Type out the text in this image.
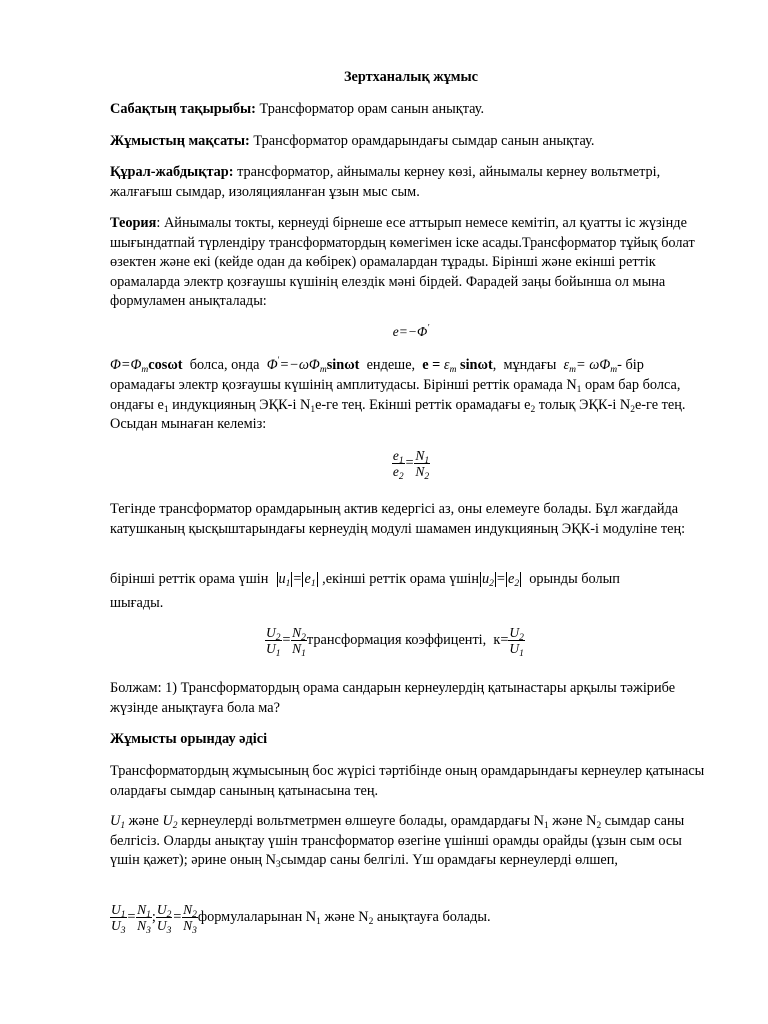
Зертханалық жұмыс

Сабақтың тақырыбы: Трансформатор орам санын анықтау.

Жұмыстың мақсаты: Трансформатор орамдарындағы сымдар санын анықтау.

Құрал-жабдықтар: трансформатор, айнымалы кернеу көзі, айнымалы кернеу вольтметрі, жалғағыш сымдар, изоляцияланған ұзын мыс сым.

Теория: Айнымалы токты, кернеуді бірнеше есе аттырып немесе кемітіп, ал қуатты іс жүзінде шығындатпай түрлендіру трансформатордың көмегімен іске асады.Трансформатор тұйық болат өзектен және екі (кейде одан да көбірек) орамалардан тұрады. Бірінші және екінші реттік орамаларда электр қозғаушы күшінің елездік мәні бірдей. Фарадей заңы бойынша ол мына формуламен анықталады:

e=−Φ′

$\Phi=\Phi_m\cos\omega t$  болса, онда  $\Phi'=-\omega\Phi_m\sin\omega t$  ендеше,  $e = \varepsilon_m$ sinωt,  мұндағы  $\varepsilon_m= \omega\Phi_m-$ бір

орамадағы электр қозғаушы күшінің амплитудасы. Бірінші реттік орамада $N_1$ орам бар болса, ондағы $e_1$ индукцияның ЭҚК-і $N_1e-ге$ тең. Екінші реттік орамадағы $e_2$ толық ЭҚК-і $N_2e-ге$ тең. Осыдан мынаған келеміз:

$\frac{e_1}{e_2} = \frac{N_1}{N_2}$

Тегінде трансформатор орамдарының актив кедергісі аз, оны елемеуге болады. Бұл жағдайда катушканың қысқыштарындағы кернеудің модулі шамамен индукцияның ЭҚК-і модуліне тең:

бірінші реттік орама үшін  $u_1 = e_1$ ,екінші реттік орама үшін $u_2 = e_2$  орынды болып

шығады.

$\frac{U_2}{U_1} = \frac{N_2}{N_1}$ трансформация коэффиценті,  $к= \frac{U_2}{U_1}$

Болжам: 1) Трансформатордың орама сандарын кернеулердің қатынастары арқылы тәжірибе жүзінде анықтауға бола ма?

Жұмысты орындау әдісі

Трансформатордың жұмысының бос жүрісі тәртібінде оның орамдарындағы кернеулер қатынасы олардағы сымдар санының қатынасына тең.

$U_1$ және $U_2$ кернеулерді вольтметрмен өлшеуге болады, орамдардағы $N_1$ және $N_2$ сымдар саны белгісіз. Оларды анықтау үшін трансформатор өзегіне үшінші орамды орайды (ұзын сым осы үшін қажет); әрине оның $N_3сымдар$ саны белгілі. Үш орамдағы кернеулерді өлшеп,

$\frac{U_1}{U_3} = \frac{N_1}{N_3}$ ; $\frac{U_2}{U_3} = \frac{N_2}{N_3}$ формулаларынан $N_1$ және $N_2$ анықтауға болады.
